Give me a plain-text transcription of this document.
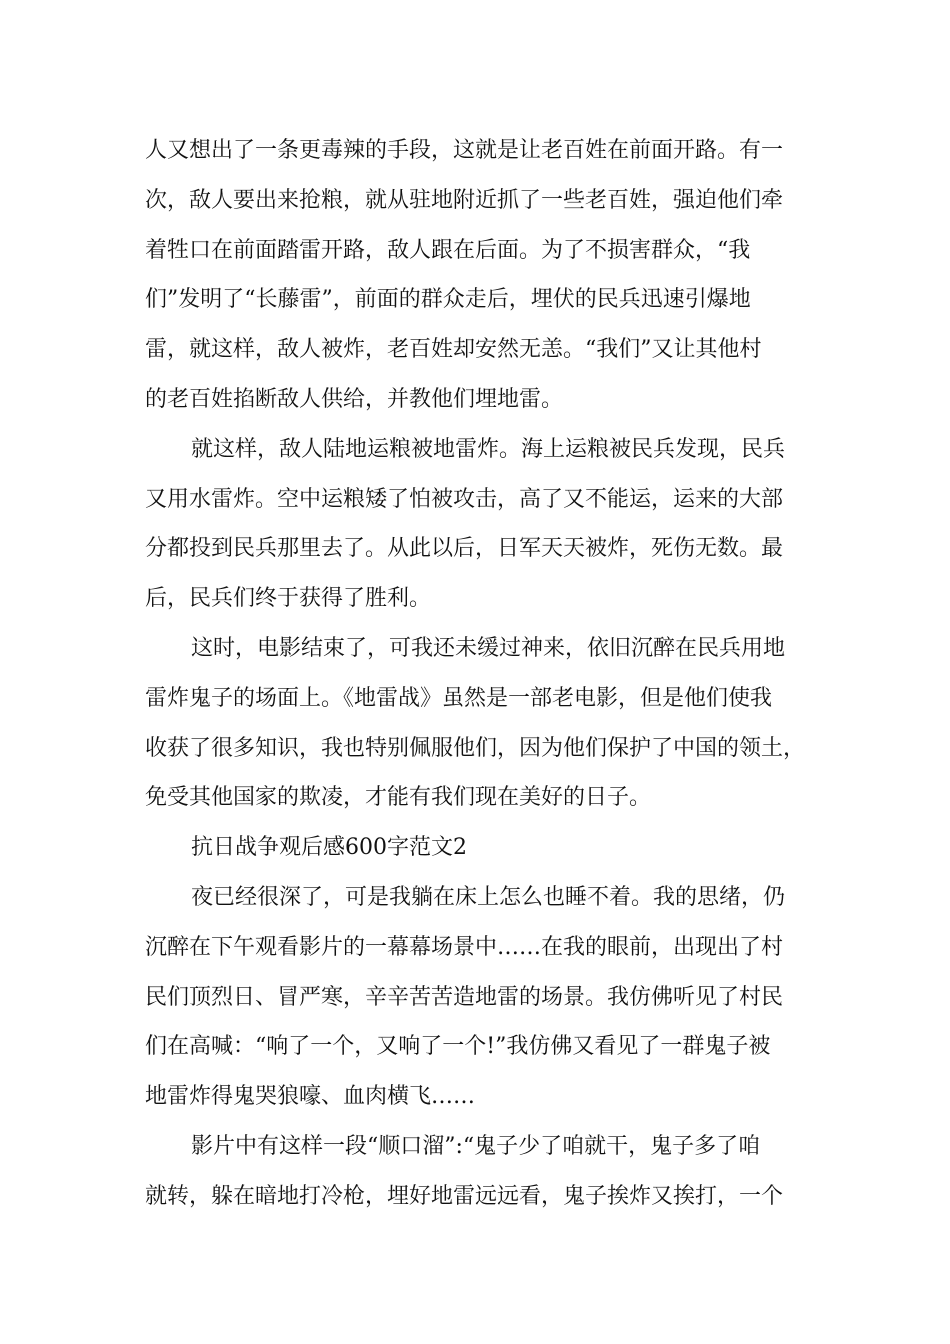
人又想出了一条更毒辣的手段，这就是让老百姓在前面开路。有一

次，敌人要出来抢粮，就从驻地附近抓了一些老百姓，强迫他们牵

着牲口在前面踏雷开路，敌人跟在后面。为了不损害群众，“我

们”发明了“长藤雷”，前面的群众走后，埋伏的民兵迅速引爆地

雷，就这样，敌人被炸，老百姓却安然无恙。“我们”又让其他村

的老百姓掐断敌人供给，并教他们埋地雷。

就这样，敌人陆地运粮被地雷炸。海上运粮被民兵发现，民兵

又用水雷炸。空中运粮矮了怕被攻击，高了又不能运，运来的大部

分都投到民兵那里去了。从此以后，日军天天被炸，死伤无数。最

后，民兵们终于获得了胜利。

这时，电影结束了，可我还未缓过神来，依旧沉醉在民兵用地

雷炸鬼子的场面上。《地雷战》虽然是一部老电影，但是他们使我

收获了很多知识，我也特别佩服他们，因为他们保护了中国的领土，

免受其他国家的欺凌，才能有我们现在美好的日子。

抗日战争观后感600字范文2

夜已经很深了，可是我躺在床上怎么也睡不着。我的思绪，仍

沉醉在下午观看影片的一幕幕场景中……在我的眼前，出现出了村

民们顶烈日、冒严寒，辛辛苦苦造地雷的场景。我仿佛听见了村民

们在高喊：“响了一个，又响了一个!”我仿佛又看见了一群鬼子被

地雷炸得鬼哭狼嚎、血肉横飞……

影片中有这样一段“顺口溜”:“鬼子少了咱就干，鬼子多了咱

就转，躲在暗地打冷枪，埋好地雷远远看，鬼子挨炸又挨打，一个
